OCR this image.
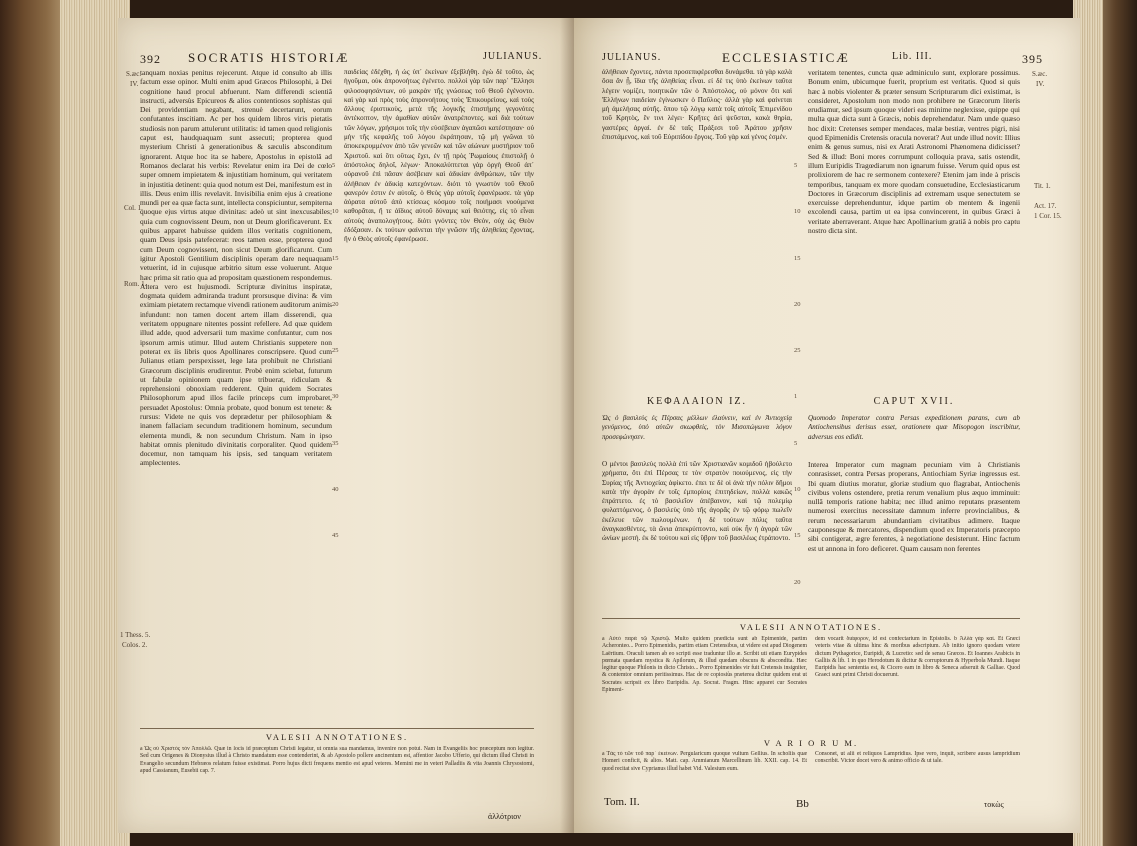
392 SOCRATIS HISTORIÆ	JULIANUS.
S.æc.
IV.
Col. 1.
Rom. 1.
1 Thess. 5.
Colos. 2.

tanquam noxias penitus rejecerunt. Atque id consulto ab illis factum esse opinor. Multi enim apud Græcos Philosophi, à Dei cognitione haud procul abfuerunt. Nam differendi scientiâ instructi, adversùs Epicureos & alios contentiosos sophistas qui Dei providentiam negabant, strenuè decertarunt, eorum confutantes inscitiam. Ac per hos quidem libros viris pietatis studiosis non parum attulerunt utilitatis: id tamen quod religionis caput est, haudquaquam sunt assecuti; propterea quod mysterium Christi à generationibus & sæculis absconditum ignorarent. Atque hoc ita se habere, Apostolus in epistolâ ad Romanos declarat his verbis: Revelatur enim ira Dei de cœlo super omnem impietatem & injustitiam hominum, qui veritatem in injustitia detinent: quia quod notum est Dei, manifestum est in illis. Deus enim illis revelavit. Invisibilia enim ejus à creatione mundi per ea quæ facta sunt, intellecta conspiciuntur, sempiterna quoque ejus virtus atque divinitas: adeò ut sint inexcusabiles; quia cum cognovissent Deum, non ut Deum glorificaverunt. Ex quibus apparet habuisse quidem illos veritatis cognitionem, quam Deus ipsis patefecerat: reos tamen esse, propterea quod cum Deum cognovissent, non sicut Deum glorificarunt. Cum igitur Apostoli Gentilium disciplinis operam dare nequaquam vetuerint, id in cujusque arbitrio situm esse voluerunt. Atque hæc prima sit ratio qua ad propositam quæstionem respondemus. Altera vero est hujusmodi. Scripturæ divinitus inspiratæ, dogmata quidem admiranda tradunt prorsusque divina: & vim eximiam pietatem rectamque vivendi rationem auditorum animis infundunt: non tamen docent artem illam disserendi, qua veritatem oppugnare nitentes possint refellere. Ad quæ quidem illud adde, quod adversarii tum maxime confutantur, cum nos ipsorum armis utimur. Illud autem Christianis suppetere non poterat ex iis libris quos Apollinares conscripsere. Quod cum Julianus etiam perspexisset, lege lata prohibuit ne Christiani Græcorum disciplinis erudirentur. Probè enim sciebat, futurum ut fabulæ opinionem quam ipse tribuerat, ridiculam & reprehensioni obnoxiam redderent. Quin quidem Socrates Philosophorum apud illos facile princeps cum improbaret, persuadet Apostolus: Omnia probate, quod bonum est tenete: & rursus: Videte ne quis vos deprædetur per philosophiam & inanem fallaciam secundum traditionem hominum, secundum elementa mundi, & non secundum Christum. Nam in ipso habitat omnis plenitudo divinitatis corporaliter. Quod quidem docemur, non tamquam his ipsis, sed tanquam veritatem amplectentes.

παιδείας ἐδέχθη, ἡ ὡς ὑπ᾿ ἐκείνων ἐξεβλήθη. ἐγὼ δὲ τοῦτο, ὡς ἡγοῦμαι, οὐκ ἀπρονοήτως ἐγένετο. πολλοὶ γὰρ τῶν παρ᾿ Ἕλλησι φιλοσοφησάντων, οὐ μακρὰν τῆς γνώσεως τοῦ Θεοῦ ἐγένοντο. καὶ γὰρ καὶ πρὸς τοὺς ἀπρονοήτους τοὺς Ἐπικουρείους, καὶ τοὺς ἄλλους ἐριστικοὺς, μετὰ τῆς λογικῆς ἐπιστήμης γεγονότες ἀντέκοπτον, τὴν ἀμαθίαν αὐτῶν ἀνατρέποντες. καὶ διὰ τούτων τῶν λόγων, χρήσιμοι τοῖς τὴν εὐσέβειαν ἀγαπῶσι κατέστησαν· οὐ μὴν τῆς κεφαλῆς τοῦ λόγου ἐκράτησαν, τῷ μὴ γνῶναι τὸ ἀποκεκρυμμένον ἀπὸ τῶν γενεῶν καὶ τῶν αἰώνων μυστήριον τοῦ Χριστοῦ. καὶ ὅτι οὕτως ἔχει, ἐν τῇ πρὸς Ῥωμαίους ἐπιστολῇ ὁ ἀπόστολος δηλοῖ, λέγων· Ἀποκαλύπτεται γὰρ ὀργὴ Θεοῦ ἀπ᾿ οὐρανοῦ ἐπὶ πᾶσαν ἀσέβειαν καὶ ἀδικίαν ἀνθρώπων, τῶν τὴν ἀλήθειαν ἐν ἀδικίᾳ κατεχόντων. διότι τὸ γνωστὸν τοῦ Θεοῦ φανερόν ἐστιν ἐν αὐτοῖς. ὁ Θεὸς γὰρ αὐτοῖς ἐφανέρωσε. τὰ γὰρ ἀόρατα αὐτοῦ ἀπὸ κτίσεως κόσμου τοῖς ποιήμασι νοούμενα καθορᾶται, ἥ τε ἀΐδιος αὐτοῦ δύναμις καὶ θειότης, εἰς τὸ εἶναι αὐτοὺς ἀναπολογήτους. διότι γνόντες τὸν Θεὸν, οὐχ ὡς Θεὸν ἐδόξασαν. ἐκ τούτων φαίνεται τὴν γνῶσιν τῆς ἀληθείας ἔχοντας, ἣν ὁ Θεὸς αὐτοῖς ἐφανέρωσε.

5
10
15
20
25
30
35
40
45
VALESII ANNOTATIONES.
a Ὡς οὐ Χριστὸς τὸν Ἀπολλῶ. Quæ in locis id præceptum Christi legatur, ut omnia sua mandamus, invenire non potui. Nam in Evangeliis hoc præceptum non legitur. Sed cum Origenes & Dionysius illud à Christo mandatum esse contenderint, & ab Apostolo pollere ancinentum est, affentior Jacobo Ufferio, qui dictum illud Christi in Evangelio secundum Hebræos relatum fuisse existimat. Porro hujus dicti frequens mentio est apud veteres. Memini me in veteri Palladiis & vita Joannis Chrysostomi, apud Cassianum, Eusebii cap. 7.
ἀλλότριον
JULIANUS.	ECCLESIASTICÆ	Lib. III.	395
S.æc.
IV.
Tit. 1.
Act. 17.
1 Cor. 15.

ἀλήθειαν ἔχοντες, πάντα προσεπιφέρεσθαι δυνάμεθα. τὰ γὰρ καλὰ ὅσα ἂν ᾖ, ἴδια τῆς ἀληθείας εἶναι. εἰ δὲ τις ὑπὸ ἐκείνων ταῦτα λέγειν νομίζει, ποιητικῶν τῶν ὁ Ἀπόστολος, οὐ μόνον ὅτι καὶ Ἑλλήνων παιδείαν ἐγίνωσκεν ὁ Παῦλος· ἀλλὰ γὰρ καὶ φαίνεται μὴ ἀμελήσας αὐτῆς. ὅπου τῷ λόγῳ κατὰ τοῖς αὐτοῖς Ἐπιμενίδου τοῦ Κρητὸς, ἔν τινι λέγει· Κρῆτες ἀεὶ ψεῦσται, κακὰ θηρία, γαστέρες ἀργαί. ἐν δὲ ταῖς Πράξεσι τοῦ Ἀράτου χρῆσιν ἐπιστάμενος, καὶ τοῦ Εὐριπίδου ἔργοις. Τοῦ γὰρ καὶ γένος ἐσμέν.

veritatem tenentes, cuncta quæ adminiculo sunt, explorare possimus. Bonum enim, ubicumque fuerit, proprium est veritatis. Quod si quis hæc à nobis violenter & præter sensum Scripturarum dici existimat, is consideret, Apostolum non modo non prohibere ne Græcorum literis erudiamur, sed ipsum quoque videri eas minime neglexisse, quippe qui multa quæ dicta sunt à Græcis, nobis deprehendatur. Nam unde quæso hoc dixit: Cretenses semper mendaces, malæ bestiæ, ventres pigri, nisi quod Epimenidis Cretensis oracula noverat? Aut unde illud novit: Illius enim & genus sumus, nisi ex Arati Astronomi Phænomena didicisset? Sed & illud: Boni mores corrumpunt colloquia prava, satis ostendit, illum Euripidis Tragœdiarum non ignarum fuisse. Verum quid opus est prolixiorem de hac re sermonem contexere? Etenim jam inde à priscis temporibus, tanquam ex more quodam consuetudine, Ecclesiasticarum Doctores in Græcorum disciplinis ad extremam usque senectutem se exercuisse deprehenduntur, idque partim ob mentem & ingenii excolendi causa, partim ut ea ipsa convincerent, in quibus Græci à veritate aberraverant. Atque hæc Apollinarium gratiâ à nobis pro captu nostro dicta sint.

5
10
15
20
25
1
5
10
15
20
ΚΕΦΑΛΑΙΟΝ ΙΖ.	CAPUT XVII.

Ὡς ὁ βασιλεὺς ἐς Πέρσας μέλλων ἐλαύνειν, καὶ ἐν Ἀντιοχείᾳ γενόμενος, ὑπὸ αὐτῶν σκωφθεὶς, τὸν Μισοπώγωνα λόγον προσεφώνησεν.

Quomodo Imperator contra Persas expeditionem parans, cum ab Antiochensibus derisus esset, orationem quæ Misopogon inscribitur, adversus eos edidit.

Ο μέντοι βασιλεὺς πολλὰ ἐπὶ τῶν Χριστιανῶν κομιδοῦ ἠβούλετο χρήματα, ὅτι ἐπὶ Πέρσας τε τὸν στρατὸν ποιούμενος, εἰς τὴν Συρίας τῆς Ἀντιοχείας ἀφίκετο. ἐπει τε δὲ οἱ ἀνὰ τὴν πόλιν δῆμοι κατὰ τὴν ἀγορὰν ἐν τοῖς ἐμπορίοις ἐπιτηδείων, πολλὰ κακῶς ἐπράττετο. ἐς τὸ βασιλεῖον ἀπέβαινον, καὶ τῷ πολεμίῳ φυλαττόμενος, ὁ βασιλεὺς ὑπὸ τῆς ἀγορᾶς ἐν τῷ φόρῳ πωλεῖν ἐκέλευε τῶν πωλουμένων. ἡ δὲ τούτων πόλις ταῦτα ἀναγκασθέντες, τὰ ὤνια ἀπεκρύπτοντο, καὶ οὐκ ἦν ἡ ἀγορὰ τῶν ὠνίων μεστή. ἐκ δὲ τούτου καὶ εἰς ὕβριν τοῦ βασιλέως ἐτράποντο.

Interea Imperator cum magnam pecuniam vim à Christianis conrasisset, contra Persas properans, Antiochiam Syriæ ingressus est. Ibi quam diutius moratur, gloriæ studium quo flagrabat, Antiochenis civibus volens ostendere, pretia rerum venalium plus æquo imminuit: nullâ temporis ratione habita; nec illud animo reputans præsentem numerosi exercitus necessitate damnum inferre provincialibus, & rerum necessariarum abundantiam civitatibus adimere. Itaque cauponesque & mercatores, dispendium quod ex Imperatoris præcepto sibi contigerat, ægre ferentes, à negotiatione desisterunt. Hinc factum est ut annona in foro deficeret. Quam causam non ferentes

VALESII ANNOTATIONES.
a Αὐτὸ παρὰ τῷ Χριστῷ. Multo quidem prædicta sunt ab Epimenide, partim Acheronteo... Porro Epimenidis, partim etiam Cretensibus, ut videre est apud Diogenem Laërtium. Oraculi tamen ab eo scripti esse traduntur illo æ. Scribit uti etiam Eurypides pœmata quædam mystica & Apilorum, & illud quedam obscura & abscondita. Hæc legitur quoque Philonis in dicto Christo... Porro Epimenides vir fuit Cretensis insigniter, & contemtor omnium peritissimus. Hac de re copiosiùs præterea dicitur quidem erat ut Socrates scripsit ex libro Euripidis. Ap. Socrat. Fragm. Hinc apparet cur Socrates Epimeni-
dem vocarit διάφορον, id est confectarium in Epistolis. b Ἀλλὰ γὰρ καὶ. Et Græci veteris vitae & ultima hinc & moribus adscriptum. Ab initio ignoro quodam vetere dictum Pythagorice, Euripidi, & Lucretio: sed de sensu Græcos. Et Ioannes Arabicis in Galliis & lib. 1 in quo Herodotum & dicitur & corruptorum & Hyperbola Mundi. Itaque Euripidis hac sententia est, & Cicero eam in libro & Seneca adseruit & Galliae. Quod Graeci sunt primi Christi docuerunt.
V A R I O R U M.
a Τὰς τὸ τῶν τοῦ παρ᾿ ἐκείνων. Pergularicum quoque vultum Gellius. In scholiis quæ Homeri conficit, & alios. Matt. cap. Ammianum Marcellinum lib. XXII. cap. 14. Et quod recitat sive Cyprianus illud habet Vid. Valesium eum.
Consonet, ut alii et reliquos Lampridius. Ipse vero, inquit, scribere ausus lampridium conscribit. Victor docet vero & animo officio & ut tale.
Tom. II.	Bb	τοκὼς
